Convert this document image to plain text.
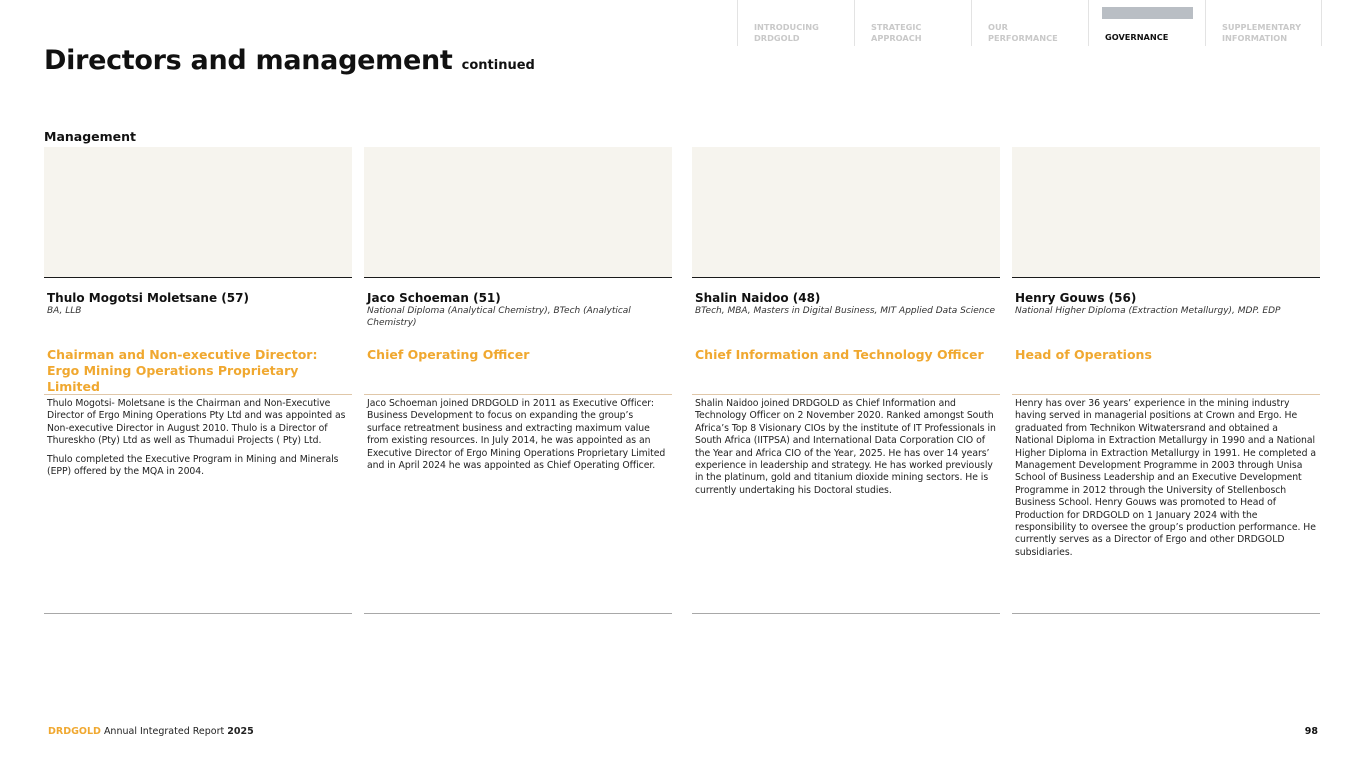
INTRODUCING
DRDGOLD
STRATEGIC
APPROACH
OUR
PERFORMANCE	GOVERNANCE
SUPPLEMENTARY
INFORMATION
Directors and management continued
Management
Thulo Mogotsi Moletsane (57)
BA, LLB
Chairman and Non-executive Director: Ergo Mining Operations Proprietary Limited

Thulo Mogotsi- Moletsane is the Chairman and Non-Executive Director of Ergo Mining Operations Pty Ltd and was appointed as Non-executive Director in August 2010. Thulo is a Director of Thureskho (Pty) Ltd as well as Thumadui Projects ( Pty) Ltd.

Thulo completed the Executive Program in Mining and Minerals (EPP) offered by the MQA in 2004.

Jaco Schoeman (51)
National Diploma (Analytical Chemistry), BTech (Analytical Chemistry)
Chief Operating Officer

Jaco Schoeman joined DRDGOLD in 2011 as Executive Officer: Business Development to focus on expanding the group’s surface retreatment business and extracting maximum value from existing resources. In July 2014, he was appointed as an Executive Director of Ergo Mining Operations Proprietary Limited and in April 2024 he was appointed as Chief Operating Officer.

Shalin Naidoo (48)
BTech, MBA, Masters in Digital Business, MIT Applied Data Science
Chief Information and Technology Officer

Shalin Naidoo joined DRDGOLD as Chief Information and Technology Officer on 2 November 2020. Ranked amongst South Africa’s Top 8 Visionary CIOs by the institute of IT Professionals in South Africa (IITPSA) and International Data Corporation CIO of the Year and Africa CIO of the Year, 2025. He has over 14 years’ experience in leadership and strategy. He has worked previously in the platinum, gold and titanium dioxide mining sectors. He is currently undertaking his Doctoral studies.

Henry Gouws (56)
National Higher Diploma (Extraction Metallurgy), MDP. EDP
Head of Operations

Henry has over 36 years’ experience in the mining industry having served in managerial positions at Crown and Ergo. He graduated from Technikon Witwatersrand and obtained a National Diploma in Extraction Metallurgy in 1990 and a National Higher Diploma in Extraction Metallurgy in 1991. He completed a Management Development Programme in 2003 through Unisa School of Business Leadership and an Executive Development Programme in 2012 through the University of Stellenbosch Business School. Henry Gouws was promoted to Head of Production for DRDGOLD on 1 January 2024 with the responsibility to oversee the group’s production performance. He currently serves as a Director of Ergo and other DRDGOLD subsidiaries.

DRDGOLD Annual Integrated Report 2025	98
